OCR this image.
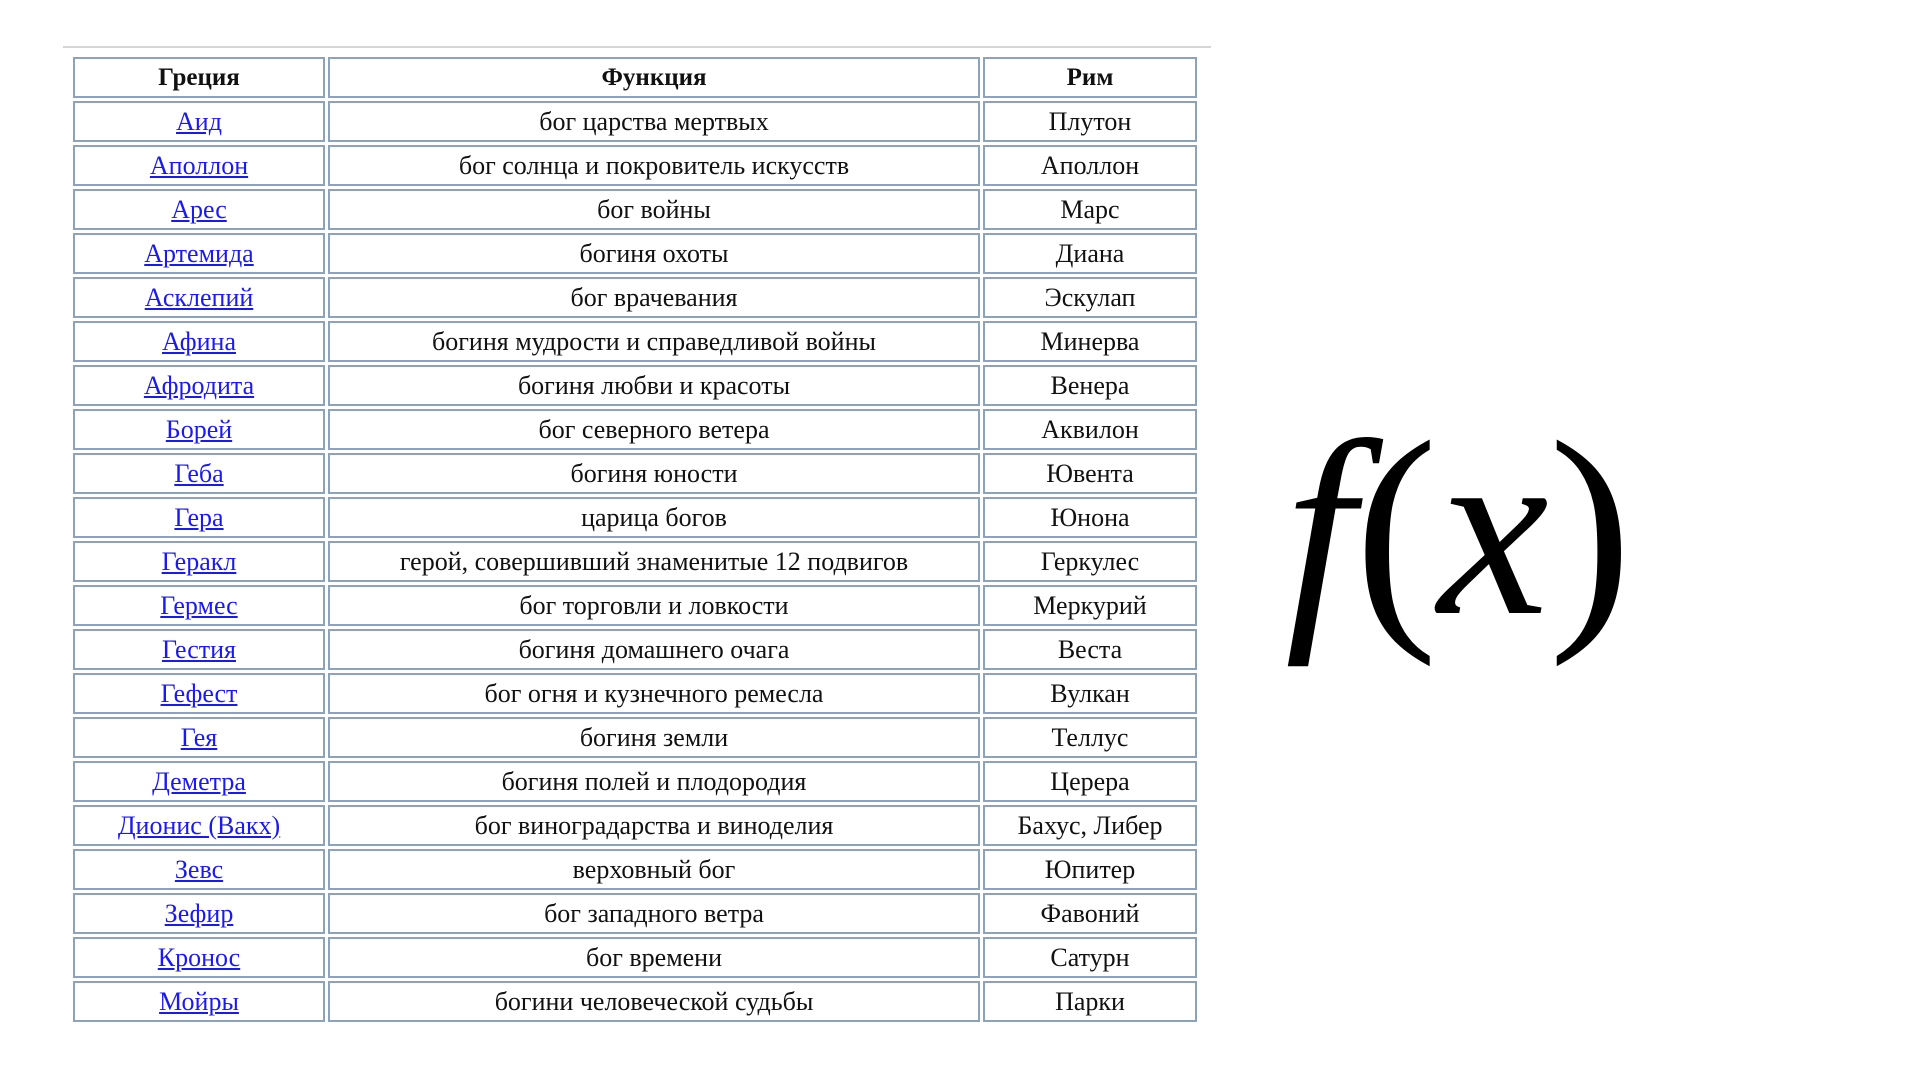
Греция	Функция	Рим
Аид	бог царства мертвых	Плутон
Аполлон	бог солнца и покровитель искусств	Аполлон
Арес	бог войны	Марс
Артемида	богиня охоты	Диана
Асклепий	бог врачевания	Эскулап
Афина	богиня мудрости и справедливой войны	Минерва
Афродита	богиня любви и красоты	Венера
Борей	бог северного ветера	Аквилон
Геба	богиня юности	Ювента
Гера	царица богов	Юнона
Геракл	герой, совершивший знаменитые 12 подвигов	Геркулес
Гермес	бог торговли и ловкости	Меркурий
Гестия	богиня домашнего очага	Веста
Гефест	бог огня и кузнечного ремесла	Вулкан
Гея	богиня земли	Теллус
Деметра	богиня полей и плодородия	Церера
Дионис (Вакх)	бог виноградарства и виноделия	Бахус, Либер
Зевс	верховный бог	Юпитер
Зефир	бог западного ветра	Фавоний
Кронос	бог времени	Сатурн
Мойры	богини человеческой судьбы	Парки
f(x)
